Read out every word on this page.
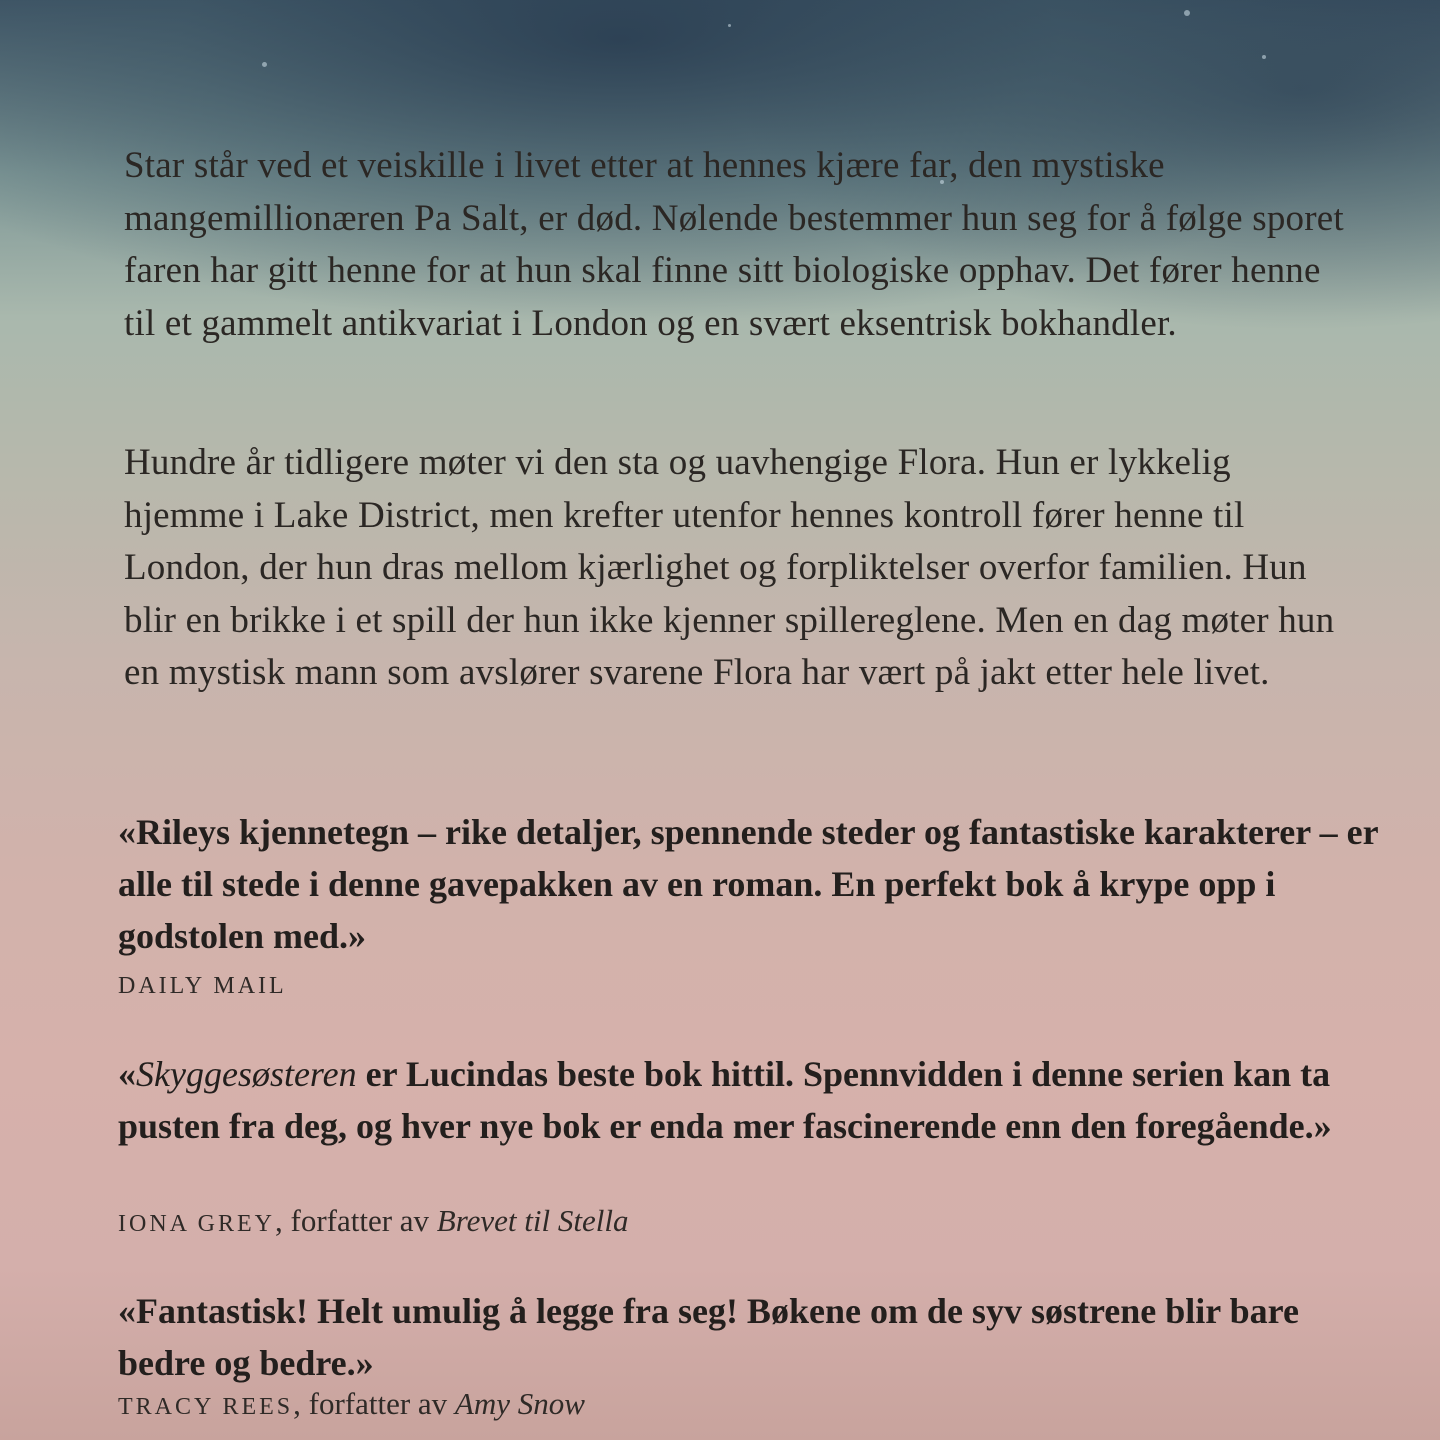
Star står ved et veiskille i livet etter at hennes kjære far, den mystiske mangemillionæren Pa Salt, er død. Nølende bestemmer hun seg for å følge sporet faren har gitt henne for at hun skal finne sitt biologiske opphav. Det fører henne til et gammelt antikvariat i London og en svært eksentrisk bokhandler.

Hundre år tidligere møter vi den sta og uavhengige Flora. Hun er lykkelig hjemme i Lake District, men krefter utenfor hennes kontroll fører henne til London, der hun dras mellom kjærlighet og forpliktelser overfor familien. Hun blir en brikke i et spill der hun ikke kjenner spillereglene. Men en dag møter hun en mystisk mann som avslører svarene Flora har vært på jakt etter hele livet.

«Rileys kjennetegn – rike detaljer, spennende steder og fantastiske karakterer – er alle til stede i denne gavepakken av en roman. En perfekt bok å krype opp i godstolen med.»

DAILY MAIL

«Skyggesøsteren er Lucindas beste bok hittil. Spennvidden i denne serien kan ta pusten fra deg, og hver nye bok er enda mer fascinerende enn den foregående.»

IONA GREY, forfatter av Brevet til Stella

«Fantastisk! Helt umulig å legge fra seg! Bøkene om de syv søstrene blir bare bedre og bedre.»

TRACY REES, forfatter av Amy Snow
